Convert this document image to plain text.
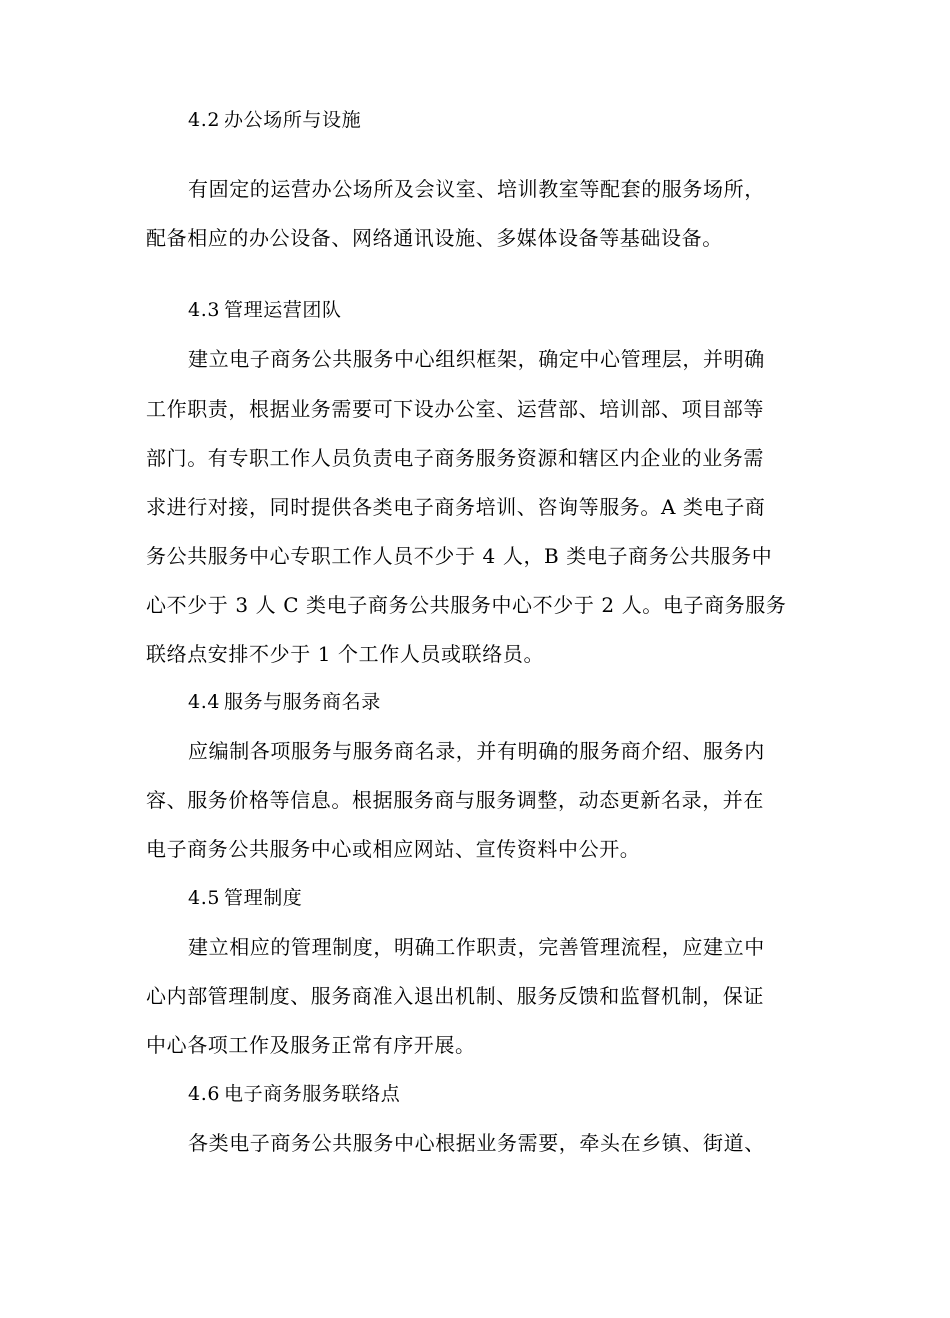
4.2 办公场所与设施
有固定的运营办公场所及会议室、培训教室等配套的服务场所，
配备相应的办公设备、网络通讯设施、多媒体设备等基础设备。
4.3 管理运营团队
建立电子商务公共服务中心组织框架，确定中心管理层，并明确
工作职责，根据业务需要可下设办公室、运营部、培训部、项目部等
部门。有专职工作人员负责电子商务服务资源和辖区内企业的业务需
求进行对接，同时提供各类电子商务培训、咨询等服务。A 类电子商
务公共服务中心专职工作人员不少于 4 人，B 类电子商务公共服务中
心不少于 3 人 C 类电子商务公共服务中心不少于 2 人。电子商务服务
联络点安排不少于 1 个工作人员或联络员。
4.4 服务与服务商名录
应编制各项服务与服务商名录，并有明确的服务商介绍、服务内
容、服务价格等信息。根据服务商与服务调整，动态更新名录，并在
电子商务公共服务中心或相应网站、宣传资料中公开。
4.5 管理制度
建立相应的管理制度，明确工作职责，完善管理流程，应建立中
心内部管理制度、服务商准入退出机制、服务反馈和监督机制，保证
中心各项工作及服务正常有序开展。
4.6 电子商务服务联络点
各类电子商务公共服务中心根据业务需要，牵头在乡镇、街道、
